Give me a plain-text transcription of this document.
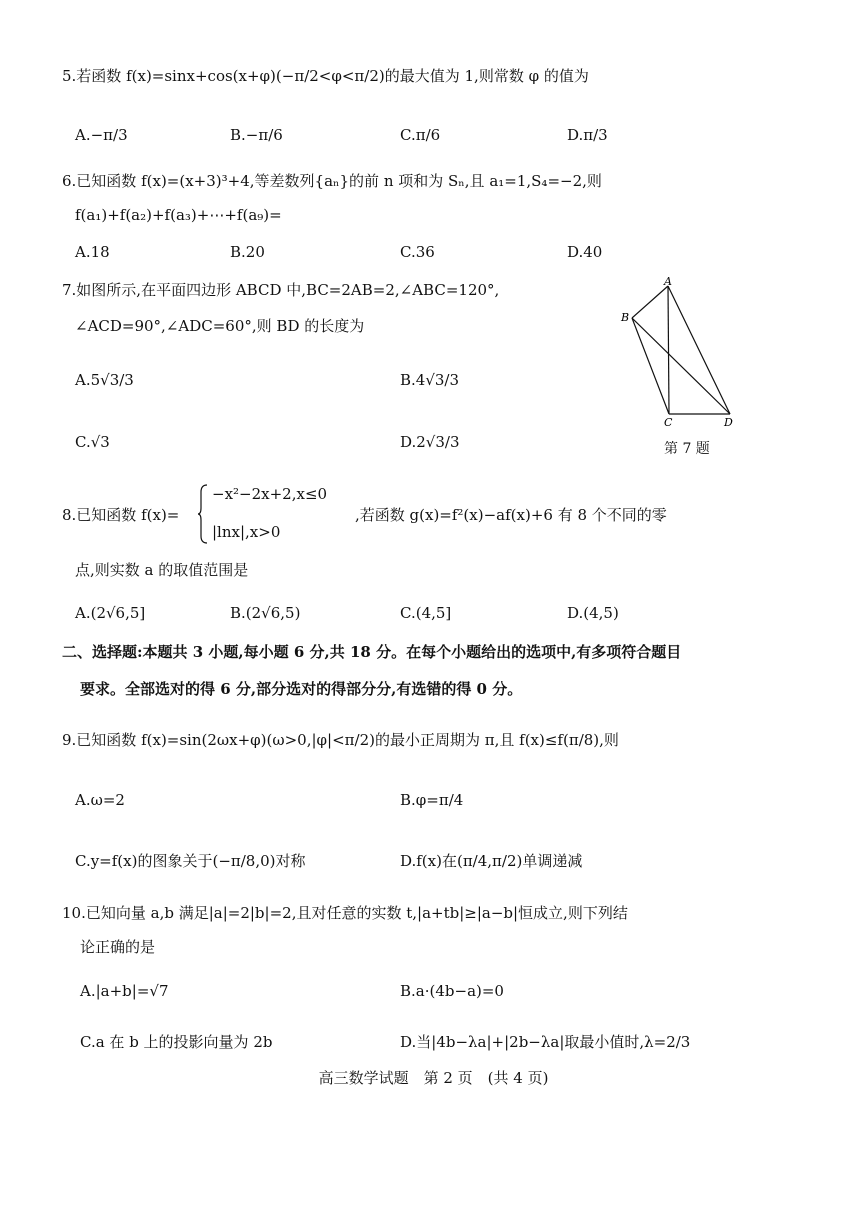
5.若函数 f(x)=sinx+cos(x+φ)(−π/2<φ<π/2)的最大值为 1,则常数 φ 的值为
A.−π/3	B.−π/6	C.π/6	D.π/3
6.已知函数 f(x)=(x+3)³+4,等差数列{aₙ}的前 n 项和为 Sₙ,且 a₁=1,S₄=−2,则
f(a₁)+f(a₂)+f(a₃)+⋯+f(a₉)=
A.18	B.20	C.36	D.40
7.如图所示,在平面四边形 ABCD 中,BC=2AB=2,∠ABC=120°,
∠ACD=90°,∠ADC=60°,则 BD 的长度为
A.5√3/3	B.4√3/3
C.√3	D.2√3/3
A
B
C	D
第 7 题
8.已知函数 f(x)=
−x²−2x+2,x≤0
|lnx|,x>0
,若函数 g(x)=f²(x)−af(x)+6 有 8 个不同的零
点,则实数 a 的取值范围是
A.(2√6,5]	B.(2√6,5)	C.(4,5]	D.(4,5)
二、选择题:本题共 3 小题,每小题 6 分,共 18 分。在每个小题给出的选项中,有多项符合题目
要求。全部选对的得 6 分,部分选对的得部分分,有选错的得 0 分。
9.已知函数 f(x)=sin(2ωx+φ)(ω>0,|φ|<π/2)的最小正周期为 π,且 f(x)≤f(π/8),则
A.ω=2	B.φ=π/4
C.y=f(x)的图象关于(−π/8,0)对称	D.f(x)在(π/4,π/2)单调递减
10.已知向量 a,b 满足|a|=2|b|=2,且对任意的实数 t,|a+tb|≥|a−b|恒成立,则下列结
论正确的是
A.|a+b|=√7	B.a·(4b−a)=0
C.a 在 b 上的投影向量为 2b	D.当|4b−λa|+|2b−λa|取最小值时,λ=2/3
高三数学试题　第 2 页　(共 4 页)
